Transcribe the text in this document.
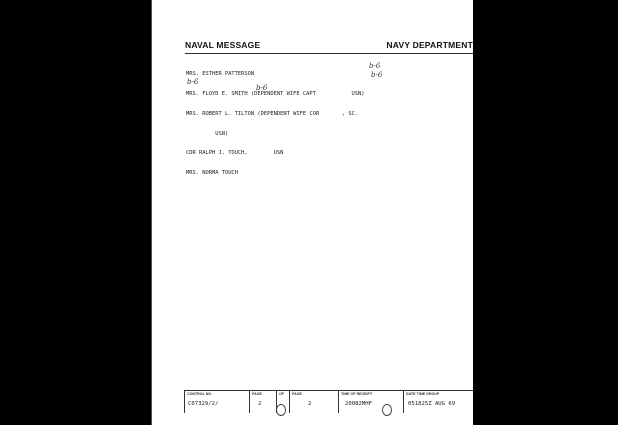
NAVAL MESSAGE	NAVY DEPARTMENT

MRS. ESTHER PATTERSON

MRS. FLOYD E. SMITH (DEPENDENT WIFE CAPT           USN)

MRS. ROBERT L. TILTON (DEPENDENT WIFE COR       , SC.

USN)

CDR RALPH J. TOUCH,        USN

MRS. NORMA TOUCH

b-6
b-6
b-6
b-6
CONTROL NO.
C07329/2/
PAGE
2
OF PAGE
2
TIME OF RECEIPT
20082MHF
DATE TIME GROUP
051825Z AUG 69
